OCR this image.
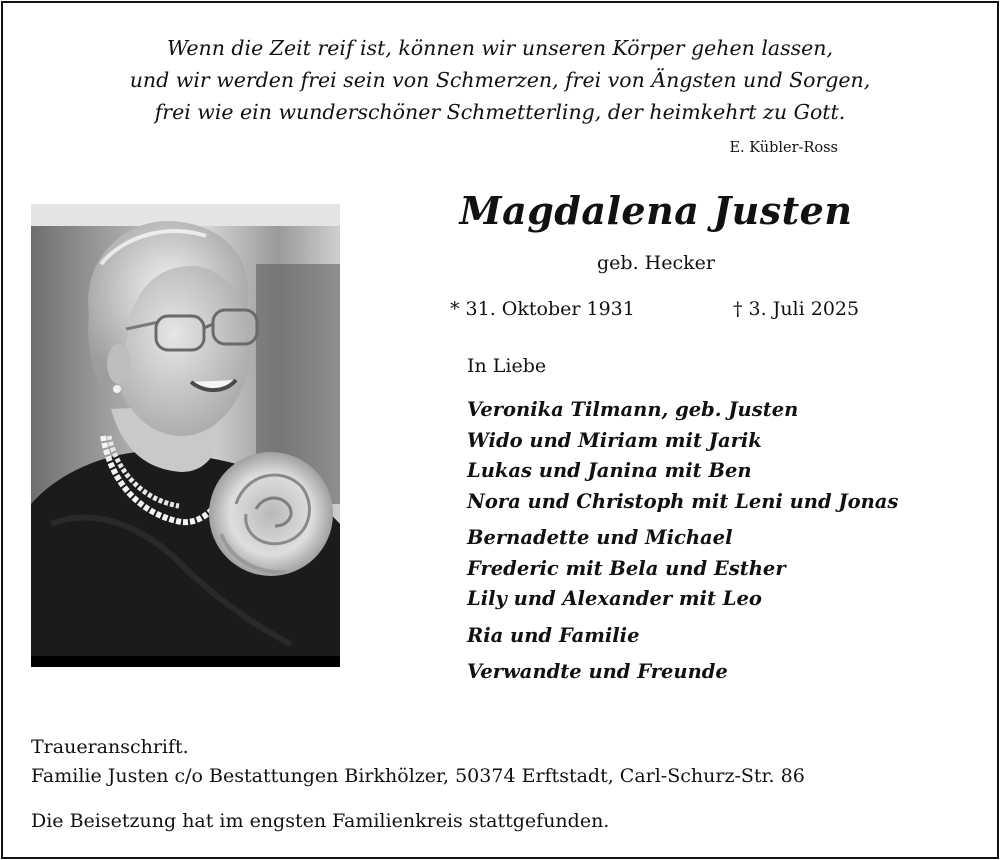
Wenn die Zeit reif ist, können wir unseren Körper gehen lassen,
und wir werden frei sein von Schmerzen, frei von Ängsten und Sorgen,
frei wie ein wunderschöner Schmetterling, der heimkehrt zu Gott.
E. Kübler-Ross
Magdalena Justen
geb. Hecker
* 31. Oktober 1931	† 3. Juli 2025
In Liebe
Veronika Tilmann, geb. Justen
Wido und Miriam mit Jarik
Lukas und Janina mit Ben
Nora und Christoph mit Leni und Jonas
Bernadette und Michael
Frederic mit Bela und Esther
Lily und Alexander mit Leo
Ria und Familie
Verwandte und Freunde
Traueranschrift.
Familie Justen c/o Bestattungen Birkhölzer, 50374 Erftstadt, Carl-Schurz-Str. 86
Die Beisetzung hat im engsten Familienkreis stattgefunden.
